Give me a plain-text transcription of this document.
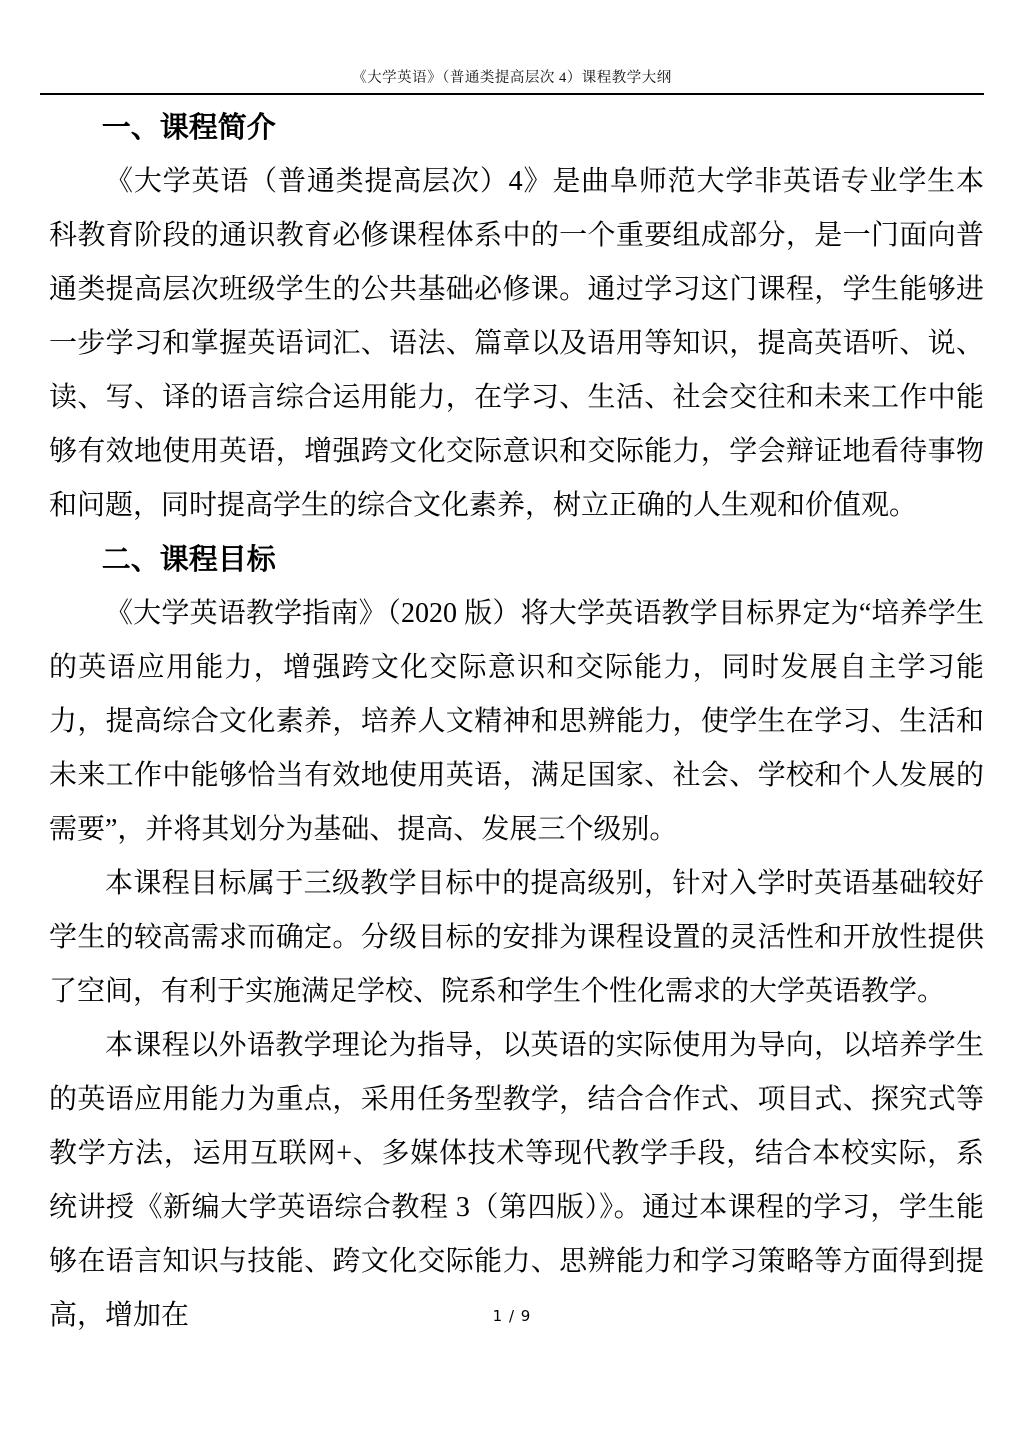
《大学英语》（普通类提高层次 4）课程教学大纲
一、课程简介

《大学英语（普通类提高层次）4》是曲阜师范大学非英语专业学生本科教育阶段的通识教育必修课程体系中的一个重要组成部分，是一门面向普通类提高层次班级学生的公共基础必修课。通过学习这门课程，学生能够进一步学习和掌握英语词汇、语法、篇章以及语用等知识，提高英语听、说、读、写、译的语言综合运用能力，在学习、生活、社会交往和未来工作中能够有效地使用英语，增强跨文化交际意识和交际能力，学会辩证地看待事物和问题，同时提高学生的综合文化素养，树立正确的人生观和价值观。

二、课程目标

《大学英语教学指南》（2020 版）将大学英语教学目标界定为“培养学生的英语应用能力，增强跨文化交际意识和交际能力，同时发展自主学习能力，提高综合文化素养，培养人文精神和思辨能力，使学生在学习、生活和未来工作中能够恰当有效地使用英语，满足国家、社会、学校和个人发展的需要”，并将其划分为基础、提高、发展三个级别。

本课程目标属于三级教学目标中的提高级别，针对入学时英语基础较好学生的较高需求而确定。分级目标的安排为课程设置的灵活性和开放性提供了空间，有利于实施满足学校、院系和学生个性化需求的大学英语教学。

本课程以外语教学理论为指导，以英语的实际使用为导向，以培养学生的英语应用能力为重点，采用任务型教学，结合合作式、项目式、探究式等教学方法，运用互联网+、多媒体技术等现代教学手段，结合本校实际，系统讲授《新编大学英语综合教程 3（第四版）》。通过本课程的学习，学生能够在语言知识与技能、跨文化交际能力、思辨能力和学习策略等方面得到提高，增加在	1 / 9
